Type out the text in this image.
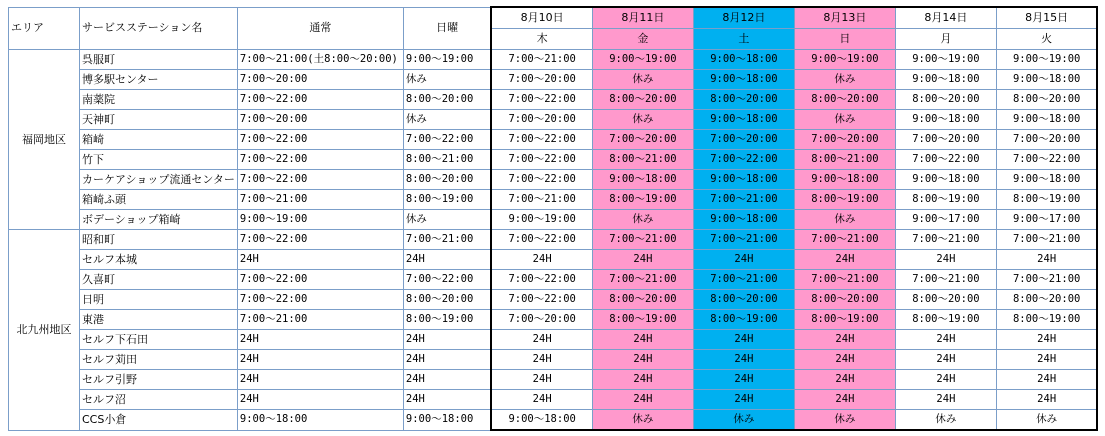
エリア	サービスステーション名	通常	日曜	8月10日	8月11日	8月12日	8月13日	8月14日	8月15日
				木	金	土	日	月	火
福岡地区	呉服町	7:00～21:00(土8:00～20:00)	9:00～19:00	7:00～21:00	9:00～19:00	9:00～18:00	9:00～19:00	9:00～19:00	9:00～19:00
	博多駅センター	7:00～20:00	休み	7:00～20:00	休み	9:00～18:00	休み	9:00～18:00	9:00～18:00
	南薬院	7:00～22:00	8:00～20:00	7:00～22:00	8:00～20:00	8:00～20:00	8:00～20:00	8:00～20:00	8:00～20:00
	天神町	7:00～20:00	休み	7:00～20:00	休み	9:00～18:00	休み	9:00～18:00	9:00～18:00
	箱崎	7:00～22:00	7:00～22:00	7:00～22:00	7:00～20:00	7:00～20:00	7:00～20:00	7:00～20:00	7:00～20:00
	竹下	7:00～22:00	8:00～21:00	7:00～22:00	8:00～21:00	7:00～22:00	8:00～21:00	7:00～22:00	7:00～22:00
	カーケアショップ流通センター	7:00～22:00	8:00～20:00	7:00～22:00	9:00～18:00	9:00～18:00	9:00～18:00	9:00～18:00	9:00～18:00
	箱崎ふ頭	7:00～21:00	8:00～19:00	7:00～21:00	8:00～19:00	7:00～21:00	8:00～19:00	8:00～19:00	8:00～19:00
	ボデーショップ箱崎	9:00～19:00	休み	9:00～19:00	休み	9:00～18:00	休み	9:00～17:00	9:00～17:00
北九州地区	昭和町	7:00～22:00	7:00～21:00	7:00～22:00	7:00～21:00	7:00～21:00	7:00～21:00	7:00～21:00	7:00～21:00
	セルフ本城	24H	24H	24H	24H	24H	24H	24H	24H
	久喜町	7:00～22:00	7:00～22:00	7:00～22:00	7:00～21:00	7:00～21:00	7:00～21:00	7:00～21:00	7:00～21:00
	日明	7:00～22:00	8:00～20:00	7:00～22:00	8:00～20:00	8:00～20:00	8:00～20:00	8:00～20:00	8:00～20:00
	東港	7:00～21:00	8:00～19:00	7:00～20:00	8:00～19:00	8:00～19:00	8:00～19:00	8:00～19:00	8:00～19:00
	セルフ下石田	24H	24H	24H	24H	24H	24H	24H	24H
	セルフ苅田	24H	24H	24H	24H	24H	24H	24H	24H
	セルフ引野	24H	24H	24H	24H	24H	24H	24H	24H
	セルフ沼	24H	24H	24H	24H	24H	24H	24H	24H
	CCS小倉	9:00～18:00	9:00～18:00	9:00～18:00	休み	休み	休み	休み	休み
